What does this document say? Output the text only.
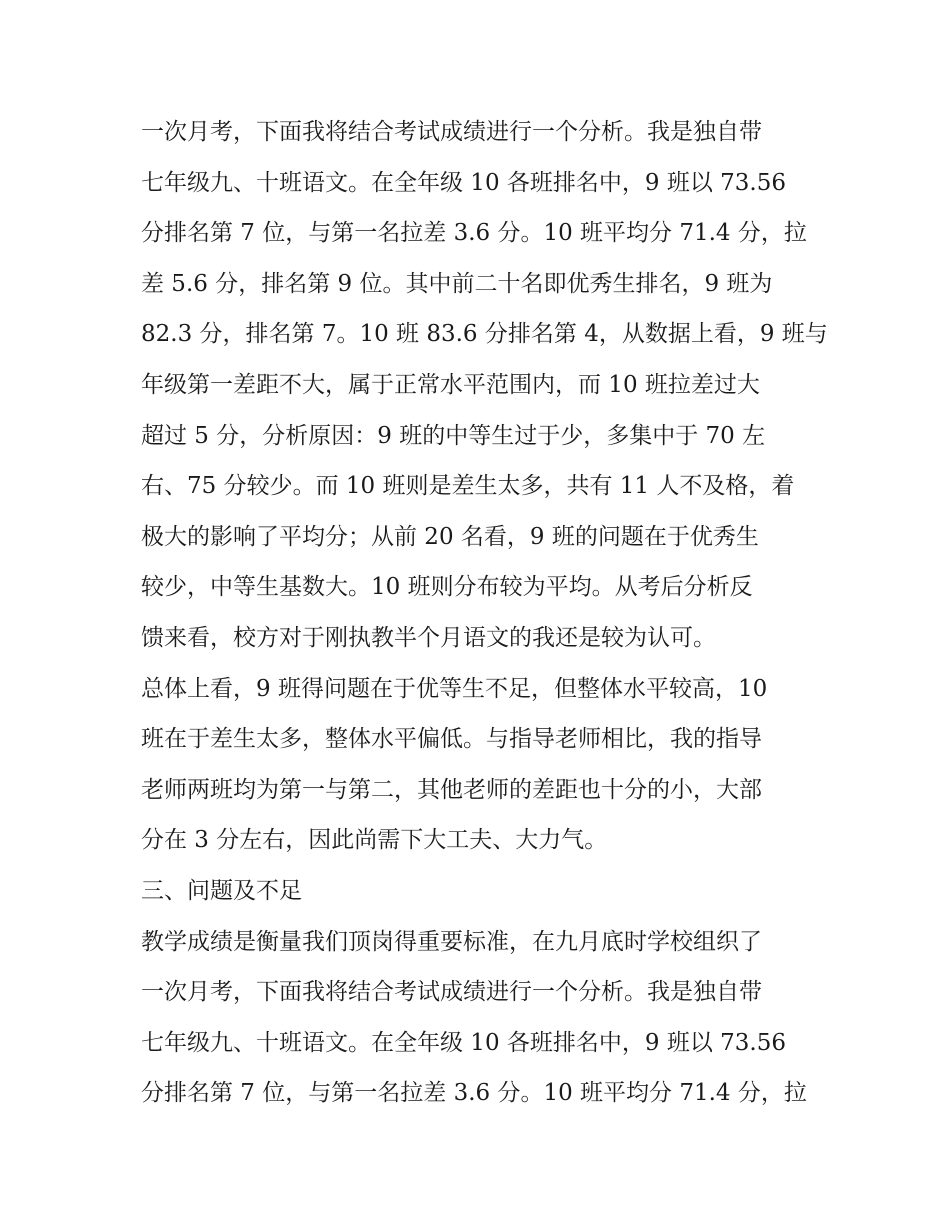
一次月考，下面我将结合考试成绩进行一个分析。我是独自带
七年级九、十班语文。在全年级 10 各班排名中，9 班以 73.56
分排名第 7 位，与第一名拉差 3.6 分。10 班平均分 71.4 分，拉
差 5.6 分，排名第 9 位。其中前二十名即优秀生排名，9 班为
82.3 分，排名第 7。10 班 83.6 分排名第 4，从数据上看，9 班与
年级第一差距不大，属于正常水平范围内，而 10 班拉差过大
超过 5 分，分析原因：9 班的中等生过于少，多集中于 70 左
右、75 分较少。而 10 班则是差生太多，共有 11 人不及格，着
极大的影响了平均分；从前 20 名看，9 班的问题在于优秀生
较少，中等生基数大。10 班则分布较为平均。从考后分析反
馈来看，校方对于刚执教半个月语文的我还是较为认可。
总体上看，9 班得问题在于优等生不足，但整体水平较高，10
班在于差生太多，整体水平偏低。与指导老师相比，我的指导
老师两班均为第一与第二，其他老师的差距也十分的小，大部
分在 3 分左右，因此尚需下大工夫、大力气。
三、问题及不足
教学成绩是衡量我们顶岗得重要标准，在九月底时学校组织了
一次月考，下面我将结合考试成绩进行一个分析。我是独自带
七年级九、十班语文。在全年级 10 各班排名中，9 班以 73.56
分排名第 7 位，与第一名拉差 3.6 分。10 班平均分 71.4 分，拉
